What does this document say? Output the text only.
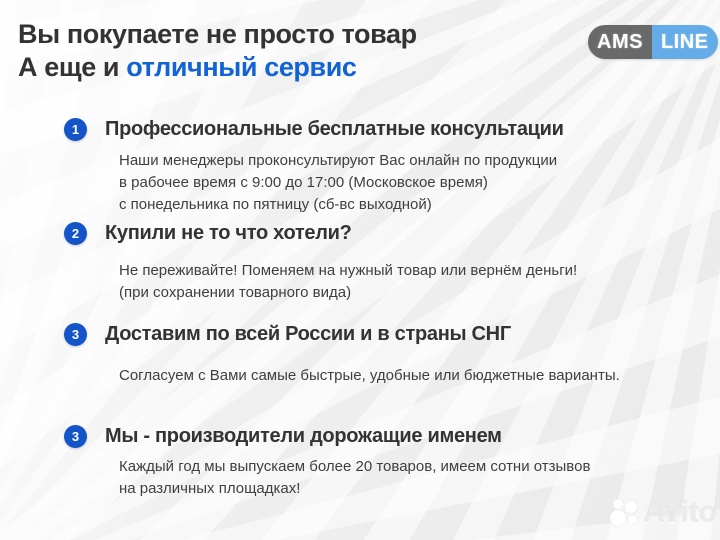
Вы покупаете не просто товар
А еще и отличный сервис
AMS LINE
1	Профессиональные бесплатные консультации
Наши менеджеры проконсультируют Вас онлайн по продукции
в рабочее время с 9:00 до 17:00 (Московское время)
с понедельника по пятницу (сб-вс выходной)
2	Купили не то что хотели?
Не переживайте! Поменяем на нужный товар или вернём деньги!
(при сохранении товарного вида)
3	Доставим по всей России и в страны СНГ
Согласуем с Вами самые быстрые, удобные или бюджетные варианты.
3	Мы - производители дорожащие именем
Каждый год мы выпускаем более 20 товаров, имеем сотни отзывов
на различных площадках!
Avito
